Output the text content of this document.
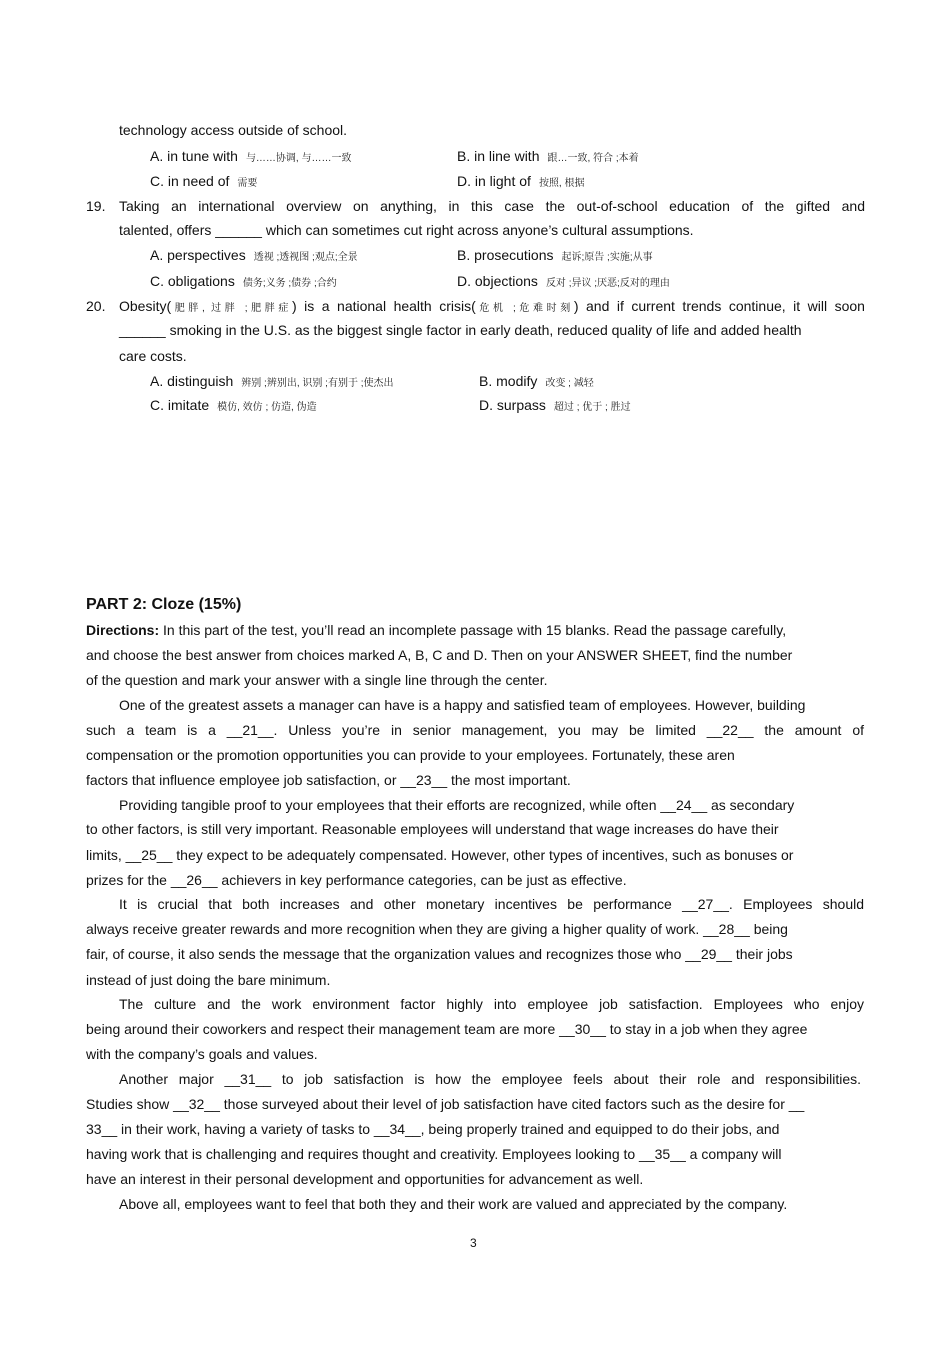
technology access outside of school.
A. in tune with 与……协调, 与……一致	B. in line with 跟…一致, 符合 ;本着
C. in need of 需要	D. in light of 按照, 根据
19. Taking an international overview on anything, in this case the out-of-school education of the gifted and
talented, offers ______ which can sometimes cut right across anyone’s cultural assumptions.
A. perspectives 透视 ;透视图 ;观点;全景	B. prosecutions 起诉;原告 ;实施;从事
C. obligations 债务;义务 ;债券 ;合约	D. objections 反对 ;异议 ;厌恶;反对的理由
20. Obesity(肥胖, 过胖 ;肥胖症) is a national health crisis(危机 ;危难时刻) and if current trends continue, it will soon
______ smoking in the U.S. as the biggest single factor in early death, reduced quality of life and added health
care costs.
A. distinguish 辨别 ;辨别出, 识别 ;有别于 ;使杰出	B. modify 改变 ; 减轻
C. imitate 模仿, 效仿 ; 仿造, 伪造	D. surpass 超过 ; 优于 ; 胜过
PART 2: Cloze (15%)
Directions: In this part of the test, you’ll read an incomplete passage with 15 blanks. Read the passage carefully,
and choose the best answer from choices marked A, B, C and D. Then on your ANSWER SHEET, find the number
of the question and mark your answer with a single line through the center.
One of the greatest assets a manager can have is a happy and satisfied team of employees. However, building
such a team is a __21__. Unless you’re in senior management, you may be limited __22__ the amount of
compensation or the promotion opportunities you can provide to your employees. Fortunately, these aren
factors that influence employee job satisfaction, or __23__ the most important.
Providing tangible proof to your employees that their efforts are recognized, while often __24__ as secondary
to other factors, is still very important. Reasonable employees will understand that wage increases do have their
limits, __25__ they expect to be adequately compensated. However, other types of incentives, such as bonuses or
prizes for the __26__ achievers in key performance categories, can be just as effective.
It is crucial that both increases and other monetary incentives be performance __27__. Employees should
always receive greater rewards and more recognition when they are giving a higher quality of work. __28__ being
fair, of course, it also sends the message that the organization values and recognizes those who __29__ their jobs
instead of just doing the bare minimum.
The culture and the work environment factor highly into employee job satisfaction. Employees who enjoy
being around their coworkers and respect their management team are more __30__ to stay in a job when they agree
with the company’s goals and values.
Another major __31__ to job satisfaction is how the employee feels about their role and responsibilities.
Studies show __32__ those surveyed about their level of job satisfaction have cited factors such as the desire for __
33__ in their work, having a variety of tasks to __34__, being properly trained and equipped to do their jobs, and
having work that is challenging and requires thought and creativity. Employees looking to __35__ a company will
have an interest in their personal development and opportunities for advancement as well.
Above all, employees want to feel that both they and their work are valued and appreciated by the company.
3
